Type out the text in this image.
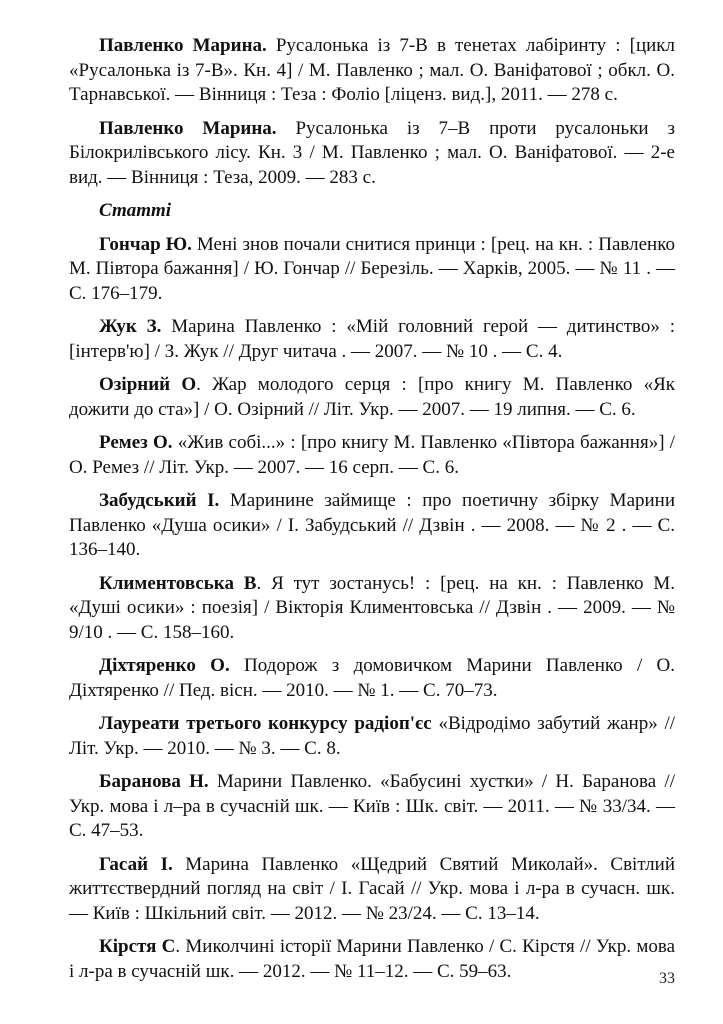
Павленко Марина. Русалонька із 7-В в тенетах лабіринту : [цикл «Русалонька із 7-В». Кн. 4] / М. Павленко ; мал. О. Ваніфатової ; обкл. О. Тарнавської. — Вінниця : Теза : Фоліо [ліценз. вид.], 2011. — 278 с.

Павленко Марина. Русалонька із 7–В проти русалоньки з Білокрилівського лісу. Кн. 3 / М. Павленко ; мал. О. Ваніфатової. — 2-е вид. — Вінниця : Теза, 2009. — 283 с.

Статті

Гончар Ю. Мені знов почали снитися принци : [рец. на кн. : Павленко М. Півтора бажання] / Ю. Гончар // Березіль. — Харків, 2005. — № 11 . — С. 176–179.

Жук З. Марина Павленко : «Мій головний герой — дитинство» : [інтерв'ю] / З. Жук // Друг читача . — 2007. — № 10 . — С. 4.

Озірний О. Жар молодого серця : [про книгу М. Павленко «Як дожити до ста»] / О. Озірний // Літ. Укр. — 2007. — 19 липня. — С. 6.

Ремез О. «Жив собі...» : [про книгу М. Павленко «Півтора бажання»] / О. Ремез // Літ. Укр. — 2007. — 16 серп. — С. 6.

Забудський І. Маринине займище : про поетичну збірку Марини Павленко «Душа осики» / І. Забудський // Дзвін . — 2008. — № 2 . — С. 136–140.

Климентовська В. Я тут зостанусь! : [рец. на кн. : Павленко М. «Душі осики» : поезія] / Вікторія Климентовська // Дзвін . — 2009. — № 9/10 . — С. 158–160.

Діхтяренко О. Подорож з домовичком Марини Павленко / О. Діхтяренко // Пед. вісн. — 2010. — № 1. — С. 70–73.

Лауреати третього конкурсу радіоп'єс «Відродімо забутий жанр» // Літ. Укр. — 2010. — № 3. — С. 8.

Баранова Н. Марини Павленко. «Бабусині хустки» / Н. Баранова // Укр. мова і л–ра в сучасній шк. — Київ : Шк. світ. — 2011. — № 33/34. — С. 47–53.

Гасай І. Марина Павленко «Щедрий Святий Миколай». Світлий життєствердний погляд на світ / І. Гасай // Укр. мова і л-ра в сучасн. шк. — Київ : Шкільний світ. — 2012. — № 23/24. — С. 13–14.

Кірстя С. Миколчині історії Марини Павленко / С. Кірстя // Укр. мова і л-ра в сучасній шк. — 2012. — № 11–12. — С. 59–63.	33
